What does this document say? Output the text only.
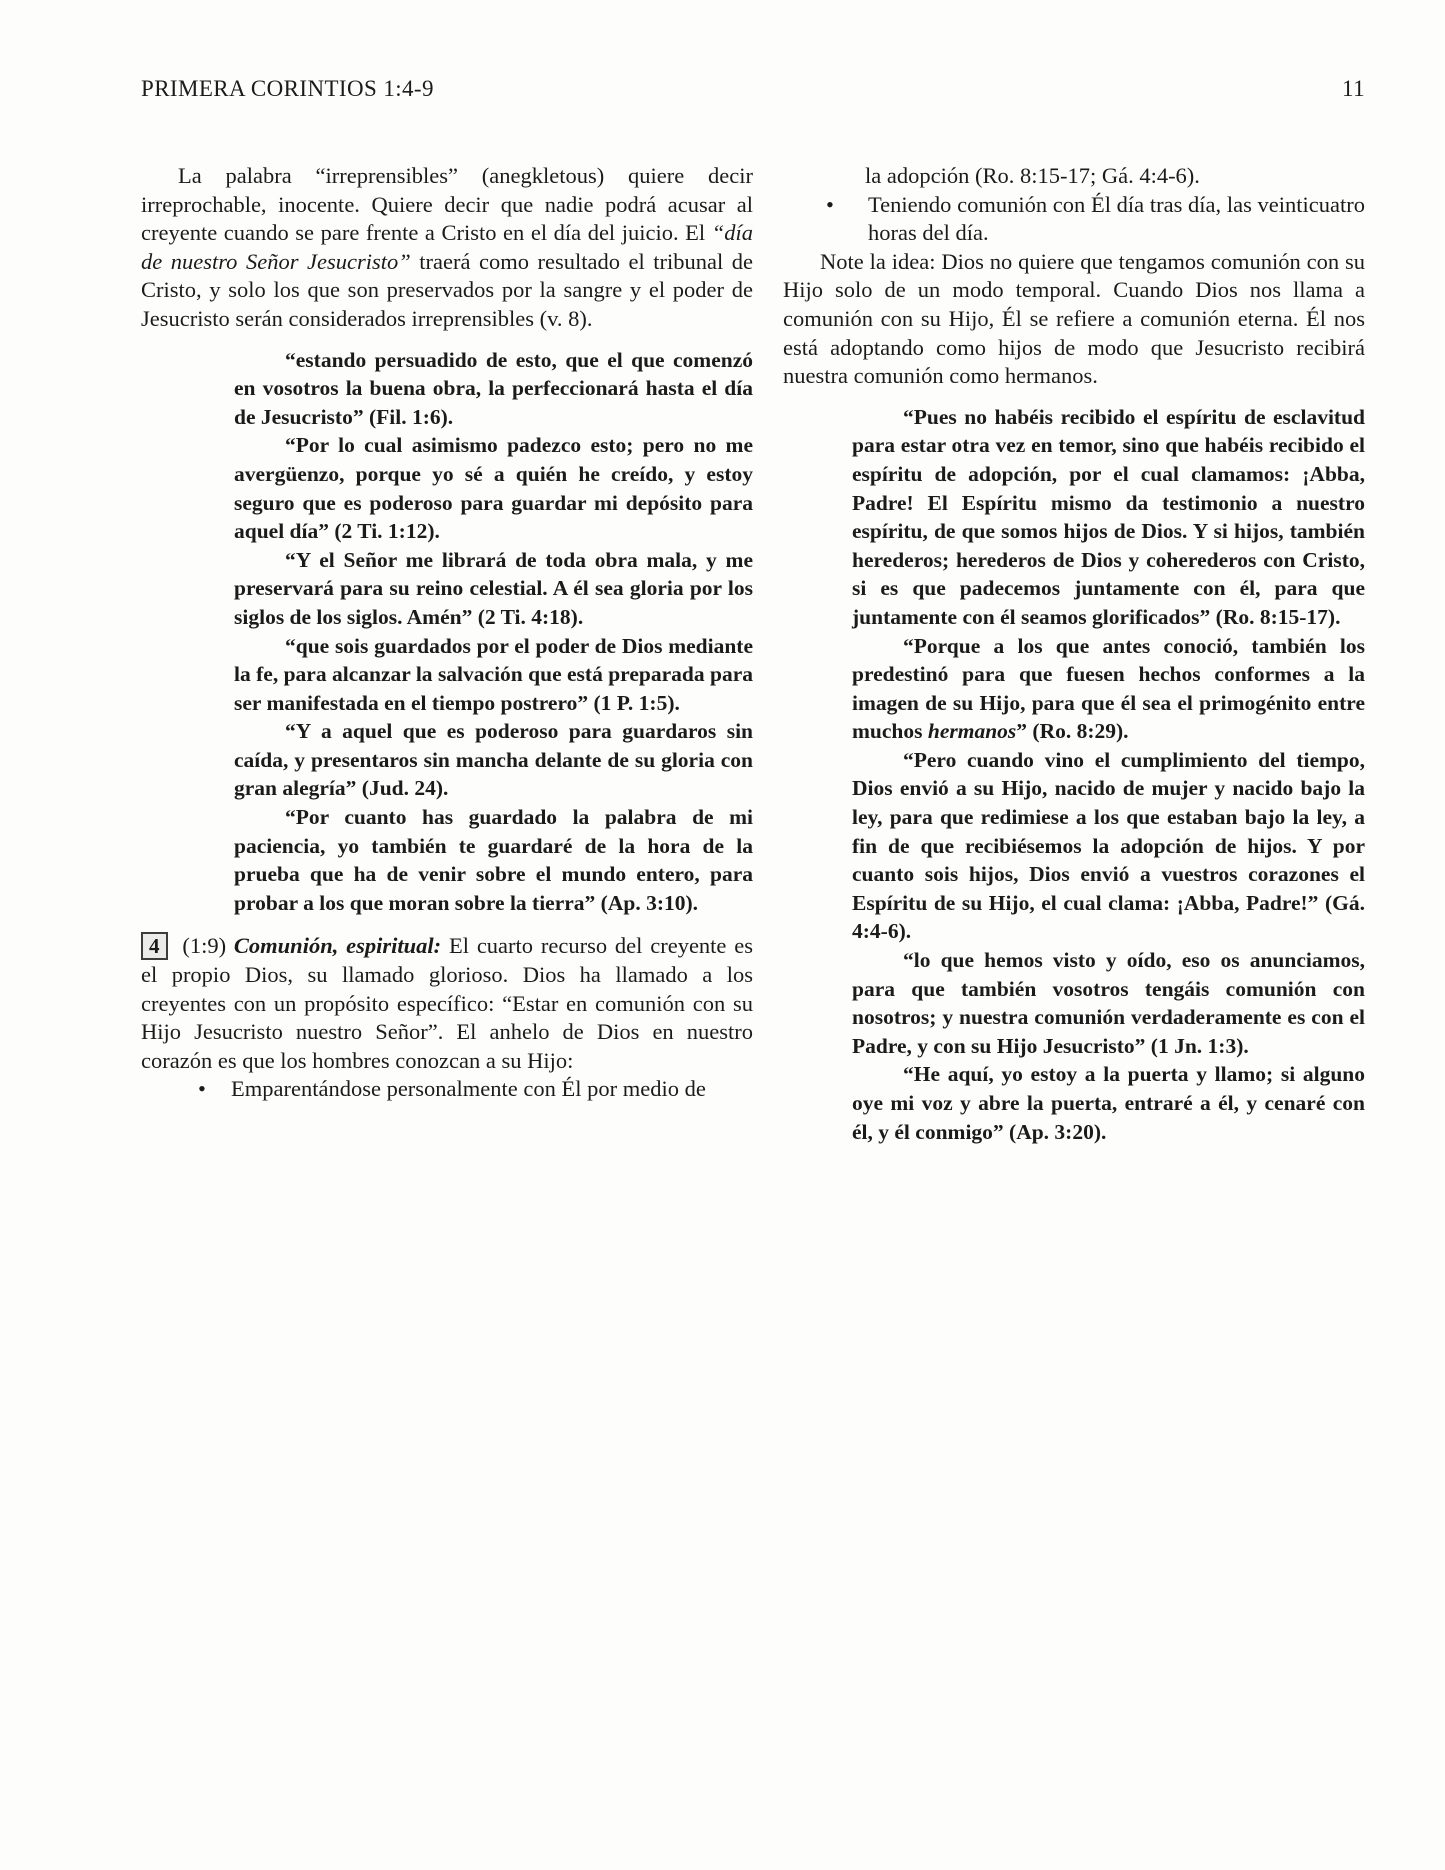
PRIMERA CORINTIOS 1:4-9	11

La palabra “irreprensibles” (anegkletous) quiere decir irreprochable, inocente. Quiere decir que nadie podrá acusar al creyente cuando se pare frente a Cristo en el día del juicio. El “día de nuestro Señor Jesucristo” traerá como resultado el tribunal de Cristo, y solo los que son preservados por la sangre y el poder de Jesucristo serán considerados irreprensibles (v. 8).

“estando persuadido de esto, que el que comenzó en vosotros la buena obra, la perfeccionará hasta el día de Jesucristo” (Fil. 1:6).

“Por lo cual asimismo padezco esto; pero no me avergüenzo, porque yo sé a quién he creído, y estoy seguro que es poderoso para guardar mi depósito para aquel día” (2 Ti. 1:12).

“Y el Señor me librará de toda obra mala, y me preservará para su reino celestial. A él sea gloria por los siglos de los siglos. Amén” (2 Ti. 4:18).

“que sois guardados por el poder de Dios mediante la fe, para alcanzar la salvación que está preparada para ser manifestada en el tiempo postrero” (1 P. 1:5).

“Y a aquel que es poderoso para guardaros sin caída, y presentaros sin mancha delante de su gloria con gran alegría” (Jud. 24).

“Por cuanto has guardado la palabra de mi paciencia, yo también te guardaré de la hora de la prueba que ha de venir sobre el mundo entero, para probar a los que moran sobre la tierra” (Ap. 3:10).

4 (1:9) Comunión, espiritual: El cuarto recurso del creyente es el propio Dios, su llamado glorioso. Dios ha llamado a los creyentes con un propósito específico: “Estar en comunión con su Hijo Jesucristo nuestro Señor”. El anhelo de Dios en nuestro corazón es que los hombres conozcan a su Hijo:

• Emparentándose personalmente con Él por medio de
la adopción (Ro. 8:15-17; Gá. 4:4-6).
• Teniendo comunión con Él día tras día, las veinticuatro horas del día.

Note la idea: Dios no quiere que tengamos comunión con su Hijo solo de un modo temporal. Cuando Dios nos llama a comunión con su Hijo, Él se refiere a comunión eterna. Él nos está adoptando como hijos de modo que Jesucristo recibirá nuestra comunión como hermanos.

“Pues no habéis recibido el espíritu de esclavitud para estar otra vez en temor, sino que habéis recibido el espíritu de adopción, por el cual clamamos: ¡Abba, Padre! El Espíritu mismo da testimonio a nuestro espíritu, de que somos hijos de Dios. Y si hijos, también herederos; herederos de Dios y coherederos con Cristo, si es que padecemos juntamente con él, para que juntamente con él seamos glorificados” (Ro. 8:15-17).

“Porque a los que antes conoció, también los predestinó para que fuesen hechos conformes a la imagen de su Hijo, para que él sea el primogénito entre muchos hermanos” (Ro. 8:29).

“Pero cuando vino el cumplimiento del tiempo, Dios envió a su Hijo, nacido de mujer y nacido bajo la ley, para que redimiese a los que estaban bajo la ley, a fin de que recibiésemos la adopción de hijos. Y por cuanto sois hijos, Dios envió a vuestros corazones el Espíritu de su Hijo, el cual clama: ¡Abba, Padre!” (Gá. 4:4-6).

“lo que hemos visto y oído, eso os anunciamos, para que también vosotros tengáis comunión con nosotros; y nuestra comunión verdaderamente es con el Padre, y con su Hijo Jesucristo” (1 Jn. 1:3).

“He aquí, yo estoy a la puerta y llamo; si alguno oye mi voz y abre la puerta, entraré a él, y cenaré con él, y él conmigo” (Ap. 3:20).
